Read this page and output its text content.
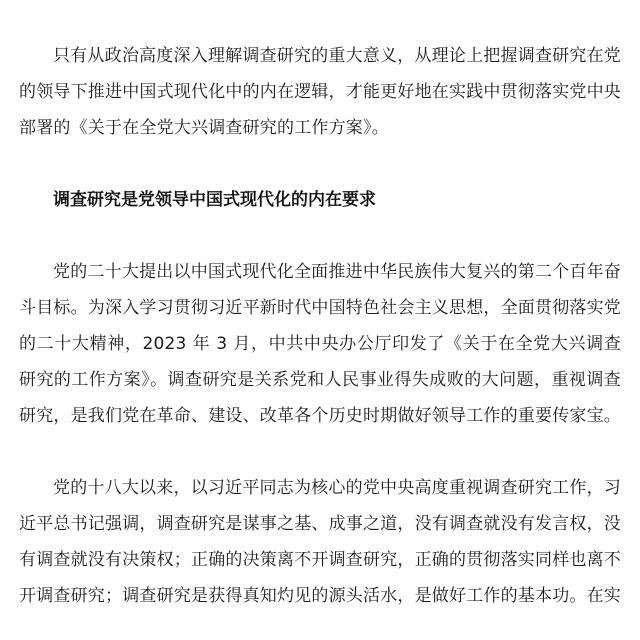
只有从政治高度深入理解调查研究的重大意义，从理论上把握调查研究在党的领导下推进中国式现代化中的内在逻辑，才能更好地在实践中贯彻落实党中央部署的《关于在全党大兴调查研究的工作方案》。

调查研究是党领导中国式现代化的内在要求

党的二十大提出以中国式现代化全面推进中华民族伟大复兴的第二个百年奋斗目标。为深入学习贯彻习近平新时代中国特色社会主义思想，全面贯彻落实党的二十大精神，2023 年 3 月，中共中央办公厅印发了《关于在全党大兴调查研究的工作方案》。调查研究是关系党和人民事业得失成败的大问题，重视调查研究，是我们党在革命、建设、改革各个历史时期做好领导工作的重要传家宝。

党的十八大以来，以习近平同志为核心的党中央高度重视调查研究工作，习近平总书记强调，调查研究是谋事之基、成事之道，没有调查就没有发言权，没有调查就没有决策权；正确的决策离不开调查研究，正确的贯彻落实同样也离不开调查研究；调查研究是获得真知灼见的源头活水，是做好工作的基本功。在实
